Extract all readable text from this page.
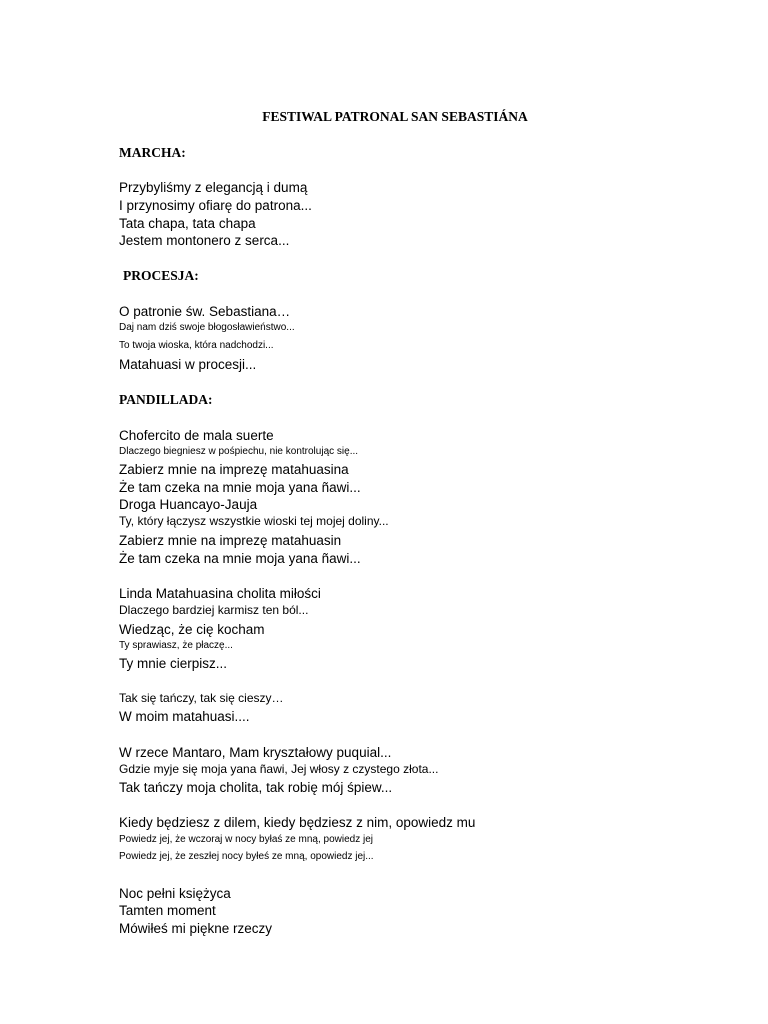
FESTIWAL PATRONAL SAN SEBASTIÁNA
MARCHA:
Przybyliśmy z elegancją i dumą
I przynosimy ofiarę do patrona...
Tata chapa, tata chapa
Jestem montonero z serca...
PROCESJA:
O patronie św. Sebastiana…
Daj nam dziś swoje błogosławieństwo...
To twoja wioska, która nadchodzi...
Matahuasi w procesji...
PANDILLADA:
Chofercito de mala suerte
Dlaczego biegniesz w pośpiechu, nie kontrolując się...
Zabierz mnie na imprezę matahuasina
Że tam czeka na mnie moja yana ñawi...
Droga Huancayo-Jauja
Ty, który łączysz wszystkie wioski tej mojej doliny...
Zabierz mnie na imprezę matahuasin
Że tam czeka na mnie moja yana ñawi...
Linda Matahuasina cholita miłości
Dlaczego bardziej karmisz ten ból...
Wiedząc, że cię kocham
Ty sprawiasz, że płaczę...
Ty mnie cierpisz...
Tak się tańczy, tak się cieszy…
W moim matahuasi....
W rzece Mantaro, Mam kryształowy puquial...
Gdzie myje się moja yana ñawi, Jej włosy z czystego złota...
Tak tańczy moja cholita, tak robię mój śpiew...
Kiedy będziesz z dilem, kiedy będziesz z nim, opowiedz mu
Powiedz jej, że wczoraj w nocy byłaś ze mną, powiedz jej
Powiedz jej, że zeszłej nocy byłeś ze mną, opowiedz jej...
Noc pełni księżyca
Tamten moment
Mówiłeś mi piękne rzeczy
